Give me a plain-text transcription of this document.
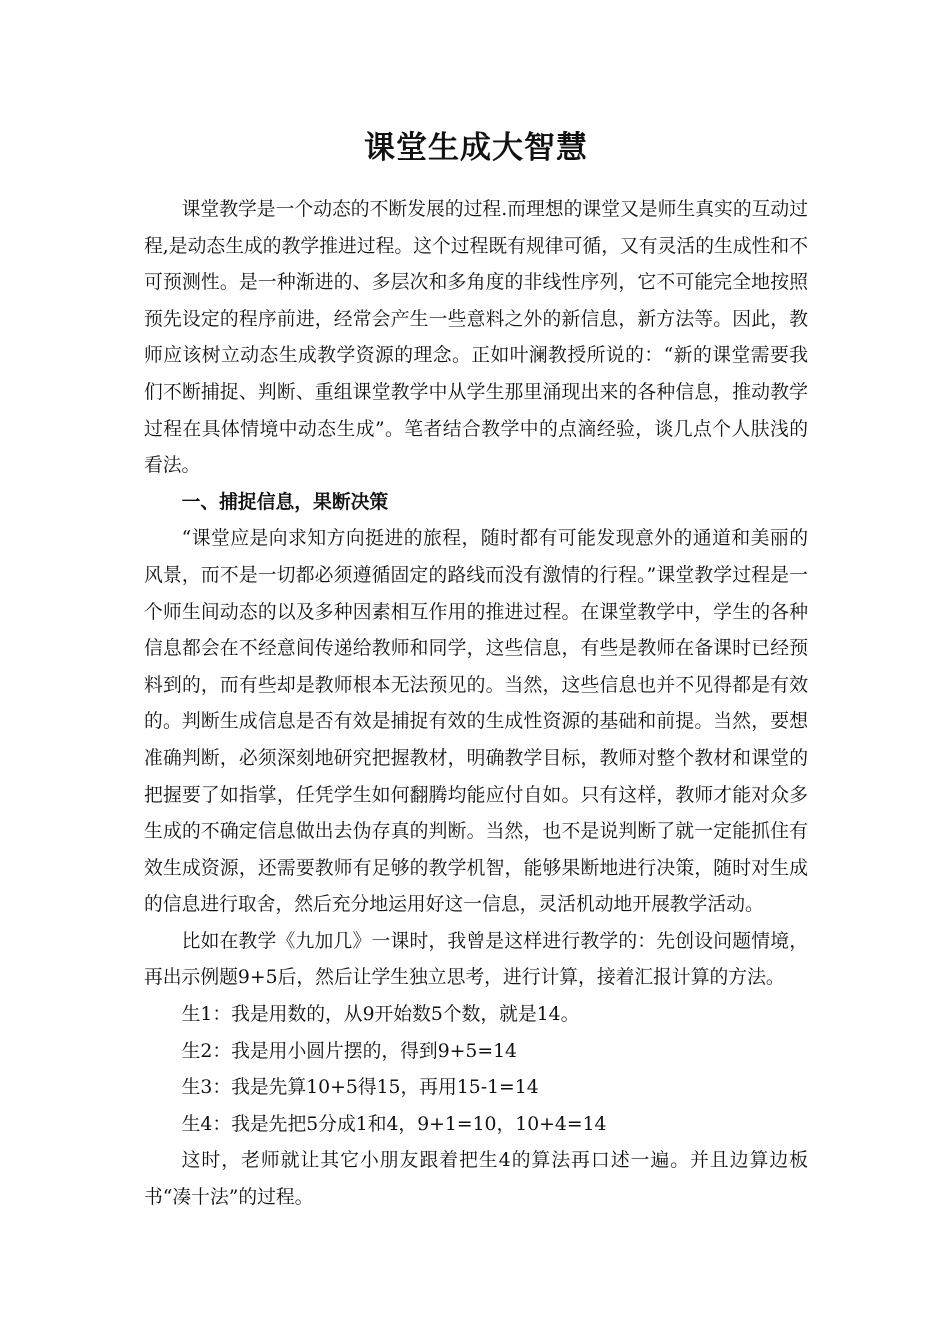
课堂生成大智慧

课堂教学是一个动态的不断发展的过程.而理想的课堂又是师生真实的互动过程,是动态生成的教学推进过程。这个过程既有规律可循，又有灵活的生成性和不可预测性。是一种渐进的、多层次和多角度的非线性序列，它不可能完全地按照预先设定的程序前进，经常会产生一些意料之外的新信息，新方法等。因此，教师应该树立动态生成教学资源的理念。正如叶澜教授所说的：“新的课堂需要我们不断捕捉、判断、重组课堂教学中从学生那里涌现出来的各种信息，推动教学过程在具体情境中动态生成”。笔者结合教学中的点滴经验，谈几点个人肤浅的看法。

一、捕捉信息，果断决策

“课堂应是向求知方向挺进的旅程，随时都有可能发现意外的通道和美丽的风景，而不是一切都必须遵循固定的路线而没有激情的行程。”课堂教学过程是一个师生间动态的以及多种因素相互作用的推进过程。在课堂教学中，学生的各种信息都会在不经意间传递给教师和同学，这些信息，有些是教师在备课时已经预料到的，而有些却是教师根本无法预见的。当然，这些信息也并不见得都是有效的。判断生成信息是否有效是捕捉有效的生成性资源的基础和前提。当然，要想准确判断，必须深刻地研究把握教材，明确教学目标，教师对整个教材和课堂的把握要了如指掌，任凭学生如何翻腾均能应付自如。只有这样，教师才能对众多生成的不确定信息做出去伪存真的判断。当然，也不是说判断了就一定能抓住有效生成资源，还需要教师有足够的教学机智，能够果断地进行决策，随时对生成的信息进行取舍，然后充分地运用好这一信息，灵活机动地开展教学活动。

比如在教学《九加几》一课时，我曾是这样进行教学的：先创设问题情境，再出示例题9+5后，然后让学生独立思考，进行计算，接着汇报计算的方法。

生1：我是用数的，从9开始数5个数，就是14。

生2：我是用小圆片摆的，得到9+5=14

生3：我是先算10+5得15，再用15-1=14

生4：我是先把5分成1和4，9+1=10，10+4=14

这时，老师就让其它小朋友跟着把生4的算法再口述一遍。并且边算边板书“凑十法”的过程。
